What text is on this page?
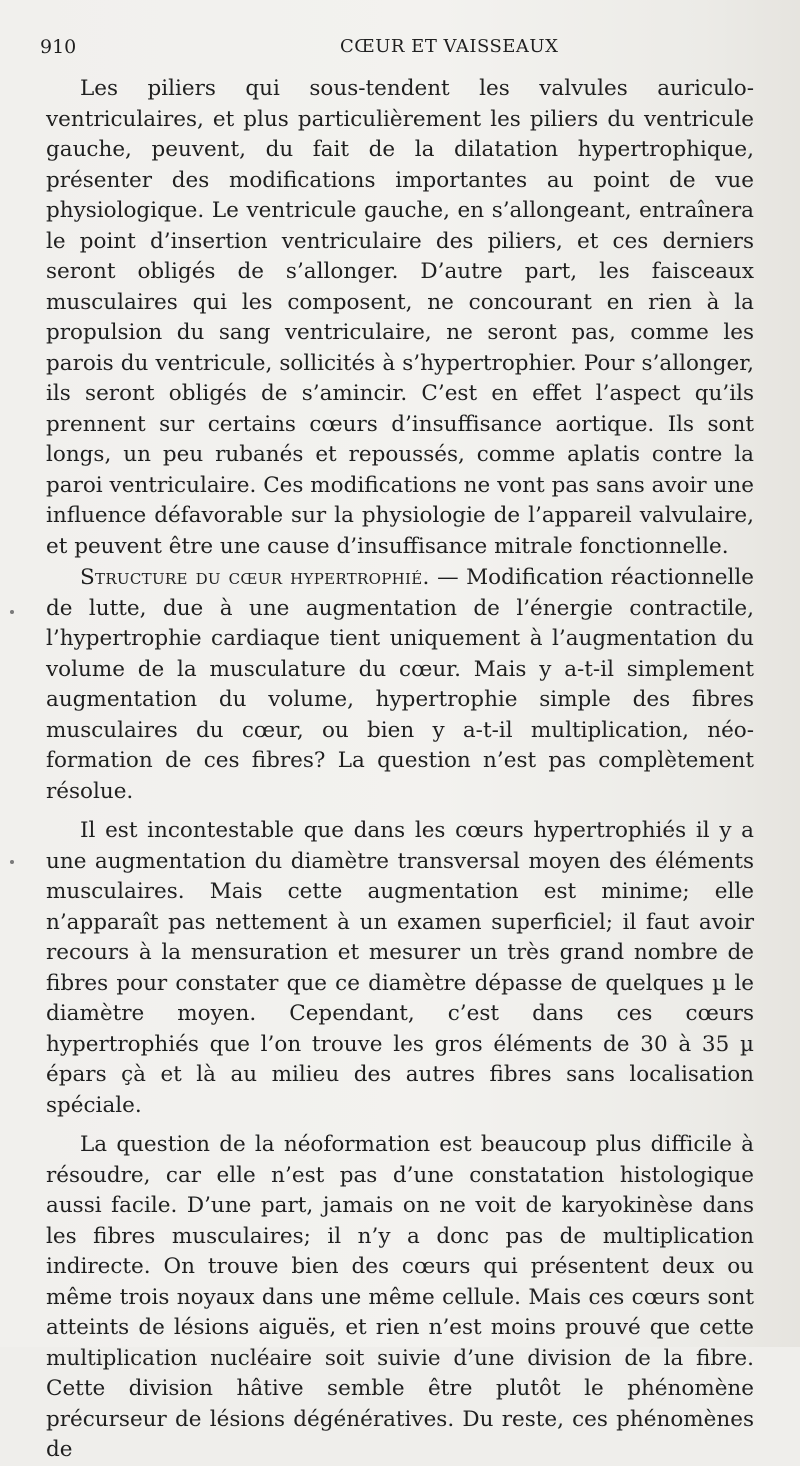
910	CŒUR ET VAISSEAUX

Les piliers qui sous-tendent les valvules auriculo-ventriculaires, et plus particulièrement les piliers du ventricule gauche, peuvent, du fait de la dilatation hypertrophique, présenter des modifications importantes au point de vue physiologique. Le ventricule gauche, en s’allongeant, entraînera le point d’insertion ventriculaire des piliers, et ces derniers seront obligés de s’allonger. D’autre part, les faisceaux musculaires qui les composent, ne concourant en rien à la propulsion du sang ventriculaire, ne seront pas, comme les parois du ventricule, sollicités à s’hypertrophier. Pour s’allonger, ils seront obligés de s’amincir. C’est en effet l’aspect qu’ils prennent sur certains cœurs d’insuffisance aortique. Ils sont longs, un peu rubanés et repoussés, comme aplatis contre la paroi ventriculaire. Ces modifications ne vont pas sans avoir une influence défavorable sur la physiologie de l’appareil valvulaire, et peuvent être une cause d’insuffisance mitrale fonctionnelle.

Structure du cœur hypertrophié. — Modification réactionnelle de lutte, due à une augmentation de l’énergie contractile, l’hypertrophie cardiaque tient uniquement à l’augmentation du volume de la musculature du cœur. Mais y a-t-il simplement augmentation du volume, hypertrophie simple des fibres musculaires du cœur, ou bien y a-t-il multiplication, néo-formation de ces fibres? La question n’est pas complètement résolue.

Il est incontestable que dans les cœurs hypertrophiés il y a une augmentation du diamètre transversal moyen des éléments musculaires. Mais cette augmentation est minime; elle n’apparaît pas nettement à un examen superficiel; il faut avoir recours à la mensuration et mesurer un très grand nombre de fibres pour constater que ce diamètre dépasse de quelques µ le diamètre moyen. Cependant, c’est dans ces cœurs hypertrophiés que l’on trouve les gros éléments de 30 à 35 µ épars çà et là au milieu des autres fibres sans localisation spéciale.

La question de la néoformation est beaucoup plus difficile à résoudre, car elle n’est pas d’une constatation histologique aussi facile. D’une part, jamais on ne voit de karyokinèse dans les fibres musculaires; il n’y a donc pas de multiplication indirecte. On trouve bien des cœurs qui présentent deux ou même trois noyaux dans une même cellule. Mais ces cœurs sont atteints de lésions aiguës, et rien n’est moins prouvé que cette multiplication nucléaire soit suivie d’une division de la fibre. Cette division hâtive semble être plutôt le phénomène précurseur de lésions dégénératives. Du reste, ces phénomènes de
